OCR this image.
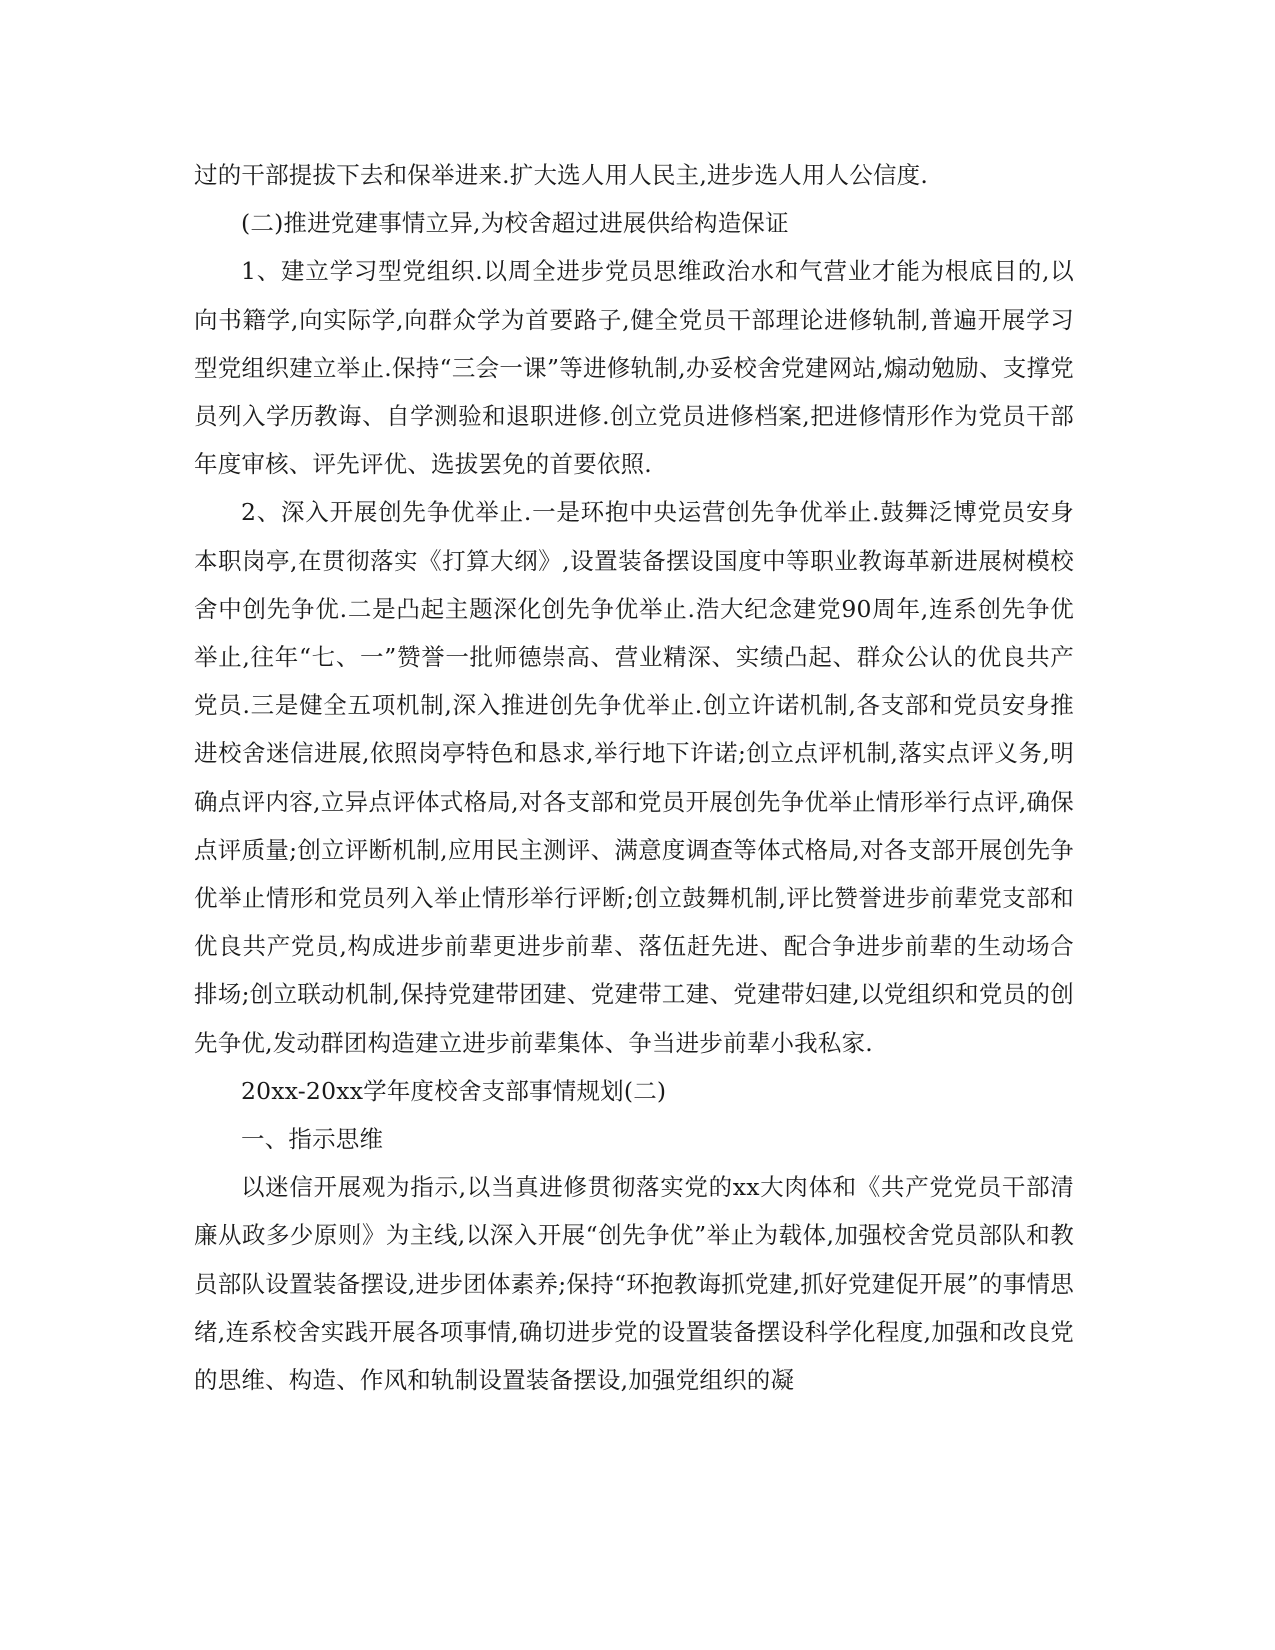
过的干部提拔下去和保举进来.扩大选人用人民主,进步选人用人公信度.

(二)推进党建事情立异,为校舍超过进展供给构造保证

1、建立学习型党组织.以周全进步党员思维政治水和气营业才能为根底目的,以向书籍学,向实际学,向群众学为首要路子,健全党员干部理论进修轨制,普遍开展学习型党组织建立举止.保持“三会一课”等进修轨制,办妥校舍党建网站,煽动勉励、支撑党员列入学历教诲、自学测验和退职进修.创立党员进修档案,把进修情形作为党员干部年度审核、评先评优、选拔罢免的首要依照.

2、深入开展创先争优举止.一是环抱中央运营创先争优举止.鼓舞泛博党员安身本职岗亭,在贯彻落实《打算大纲》,设置装备摆设国度中等职业教诲革新进展树模校舍中创先争优.二是凸起主题深化创先争优举止.浩大纪念建党90周年,连系创先争优举止,往年“七、一”赞誉一批师德崇高、营业精深、实绩凸起、群众公认的优良共产党员.三是健全五项机制,深入推进创先争优举止.创立许诺机制,各支部和党员安身推进校舍迷信进展,依照岗亭特色和恳求,举行地下许诺;创立点评机制,落实点评义务,明确点评内容,立异点评体式格局,对各支部和党员开展创先争优举止情形举行点评,确保点评质量;创立评断机制,应用民主测评、满意度调查等体式格局,对各支部开展创先争优举止情形和党员列入举止情形举行评断;创立鼓舞机制,评比赞誉进步前辈党支部和优良共产党员,构成进步前辈更进步前辈、落伍赶先进、配合争进步前辈的生动场合排场;创立联动机制,保持党建带团建、党建带工建、党建带妇建,以党组织和党员的创先争优,发动群团构造建立进步前辈集体、争当进步前辈小我私家.

20xx-20xx学年度校舍支部事情规划(二)

一、指示思维

以迷信开展观为指示,以当真进修贯彻落实党的xx大肉体和《共产党党员干部清廉从政多少原则》为主线,以深入开展“创先争优”举止为载体,加强校舍党员部队和教员部队设置装备摆设,进步团体素养;保持“环抱教诲抓党建,抓好党建促开展”的事情思绪,连系校舍实践开展各项事情,确切进步党的设置装备摆设科学化程度,加强和改良党的思维、构造、作风和轨制设置装备摆设,加强党组织的凝
